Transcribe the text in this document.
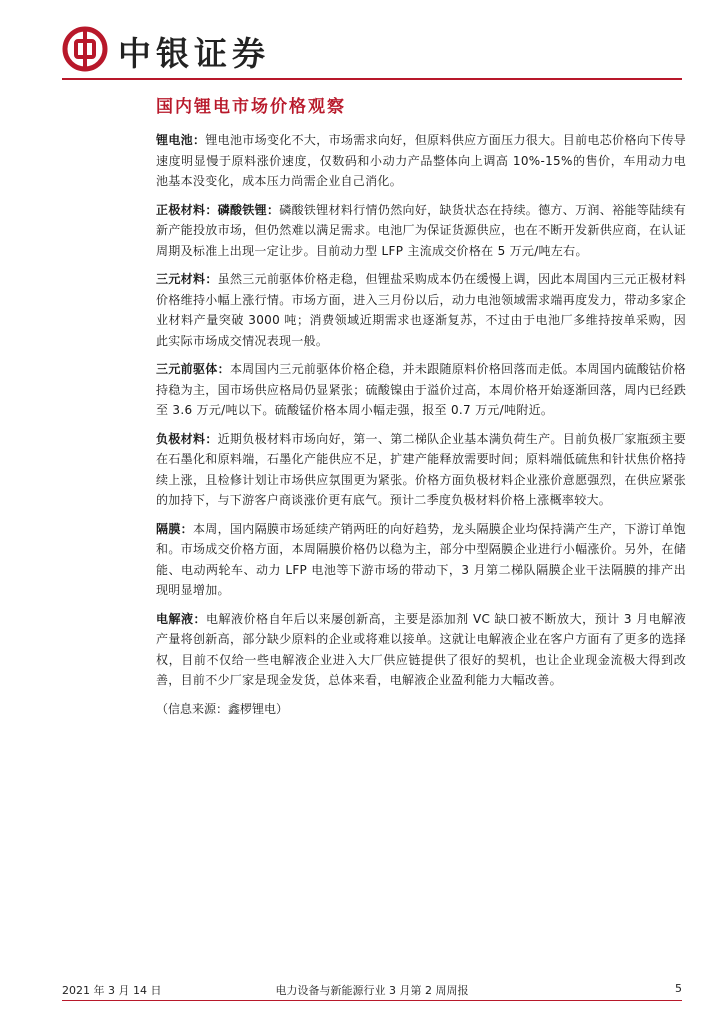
中银证券
国内锂电市场价格观察

锂电池：锂电池市场变化不大，市场需求向好，但原料供应方面压力很大。目前电芯价格向下传导速度明显慢于原料涨价速度，仅数码和小动力产品整体向上调高 10%-15%的售价，车用动力电池基本没变化，成本压力尚需企业自己消化。

正极材料：磷酸铁锂：磷酸铁锂材料行情仍然向好，缺货状态在持续。德方、万润、裕能等陆续有新产能投放市场，但仍然难以满足需求。电池厂为保证货源供应，也在不断开发新供应商，在认证周期及标准上出现一定让步。目前动力型 LFP 主流成交价格在 5 万元/吨左右。

三元材料：虽然三元前驱体价格走稳，但锂盐采购成本仍在缓慢上调，因此本周国内三元正极材料价格维持小幅上涨行情。市场方面，进入三月份以后，动力电池领域需求端再度发力，带动多家企业材料产量突破 3000 吨；消费领域近期需求也逐渐复苏，不过由于电池厂多维持按单采购，因此实际市场成交情况表现一般。

三元前驱体：本周国内三元前驱体价格企稳，并未跟随原料价格回落而走低。本周国内硫酸钴价格持稳为主，国市场供应格局仍显紧张；硫酸镍由于溢价过高，本周价格开始逐渐回落，周内已经跌至 3.6 万元/吨以下。硫酸锰价格本周小幅走强，报至 0.7 万元/吨附近。

负极材料：近期负极材料市场向好，第一、第二梯队企业基本满负荷生产。目前负极厂家瓶颈主要在石墨化和原料端，石墨化产能供应不足，扩建产能释放需要时间；原料端低硫焦和针状焦价格持续上涨，且检修计划让市场供应氛围更为紧张。价格方面负极材料企业涨价意愿强烈，在供应紧张的加持下，与下游客户商谈涨价更有底气。预计二季度负极材料价格上涨概率较大。

隔膜：本周，国内隔膜市场延续产销两旺的向好趋势，龙头隔膜企业均保持满产生产，下游订单饱和。市场成交价格方面，本周隔膜价格仍以稳为主，部分中型隔膜企业进行小幅涨价。另外，在储能、电动两轮车、动力 LFP 电池等下游市场的带动下，3 月第二梯队隔膜企业干法隔膜的排产出现明显增加。

电解液：电解液价格自年后以来屡创新高，主要是添加剂 VC 缺口被不断放大，预计 3 月电解液产量将创新高，部分缺少原料的企业或将难以接单。这就让电解液企业在客户方面有了更多的选择权，目前不仅给一些电解液企业进入大厂供应链提供了很好的契机，也让企业现金流极大得到改善，目前不少厂家是现金发货，总体来看，电解液企业盈利能力大幅改善。

（信息来源：鑫椤锂电）
2021 年 3 月 14 日	电力设备与新能源行业 3 月第 2 周周报	5
